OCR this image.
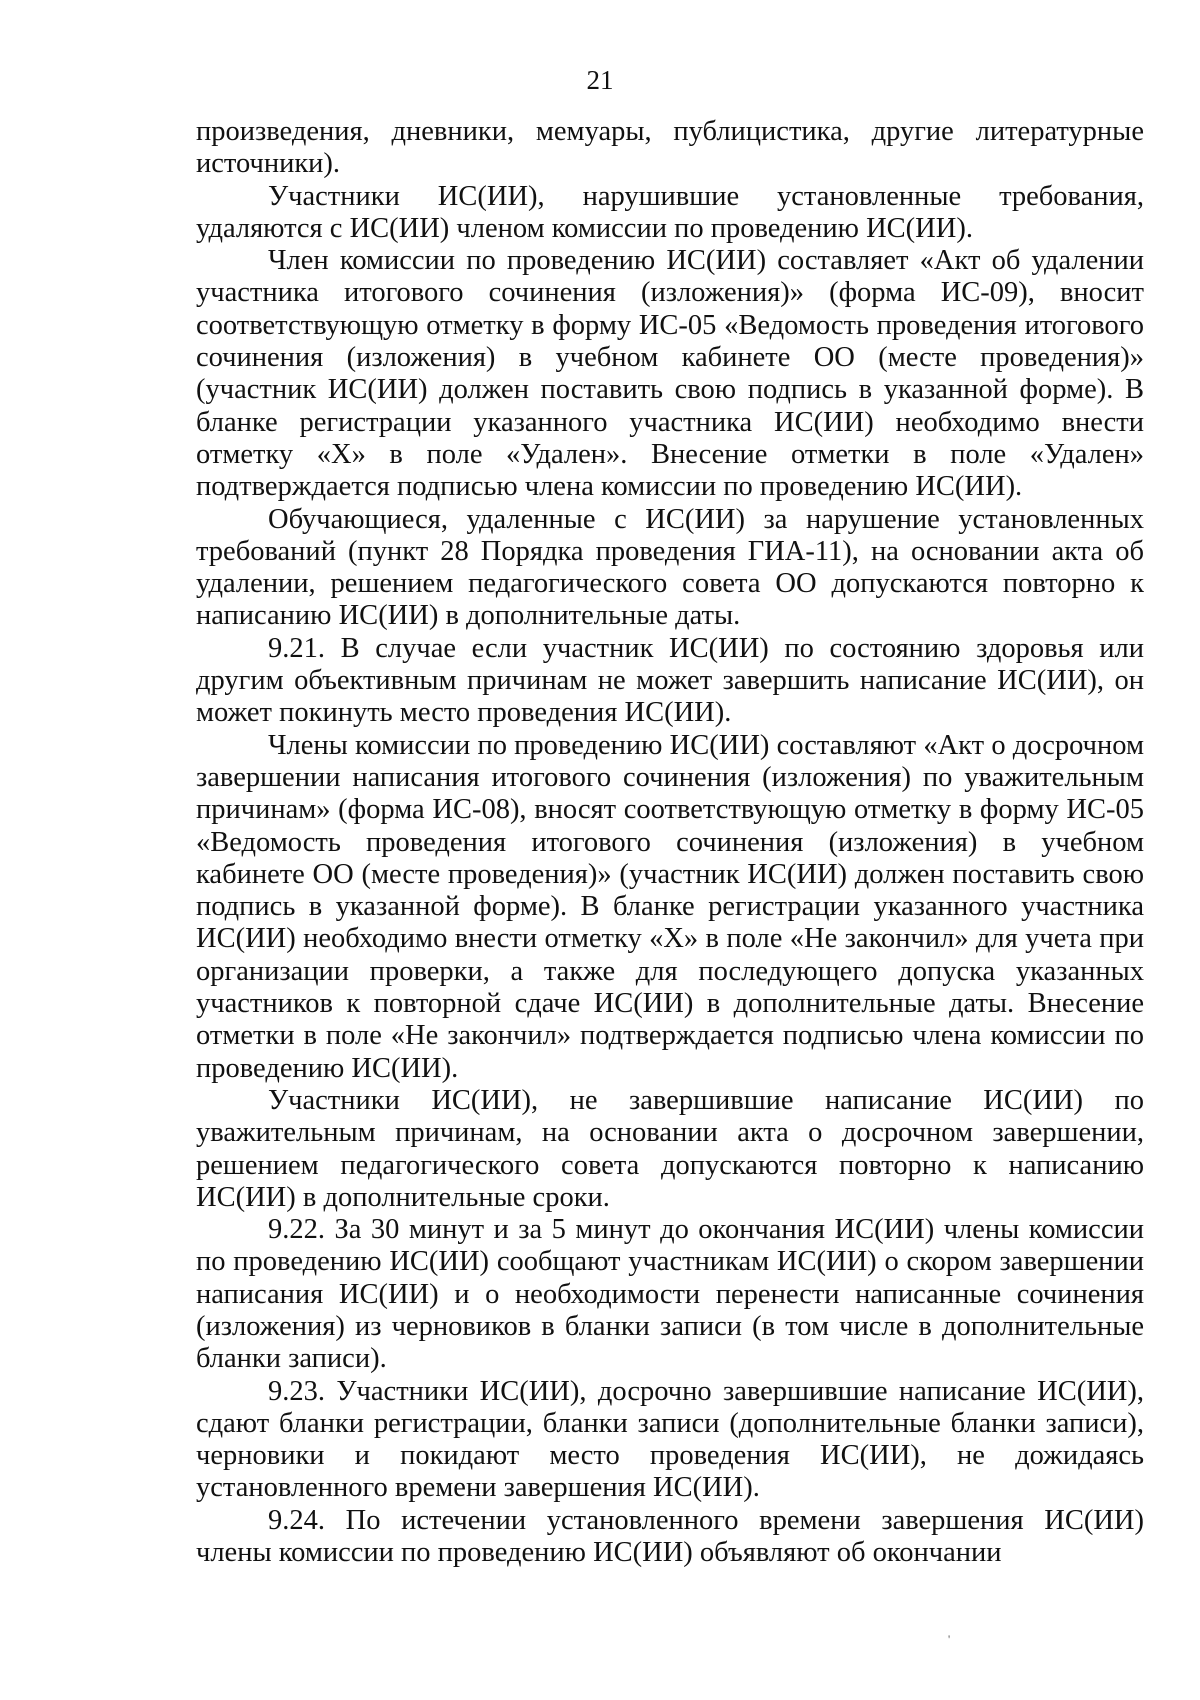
21

произведения, дневники, мемуары, публицистика, другие литературные источники).

Участники ИС(ИИ), нарушившие установленные требования, удаляются с ИС(ИИ) членом комиссии по проведению ИС(ИИ).

Член комиссии по проведению ИС(ИИ) составляет «Акт об удалении участника итогового сочинения (изложения)» (форма ИС-09), вносит соответствующую отметку в форму ИС-05 «Ведомость проведения итогового сочинения (изложения) в учебном кабинете ОО (месте проведения)» (участник ИС(ИИ) должен поставить свою подпись в указанной форме). В бланке регистрации указанного участника ИС(ИИ) необходимо внести отметку «Х» в поле «Удален». Внесение отметки в поле «Удален» подтверждается подписью члена комиссии по проведению ИС(ИИ).

Обучающиеся, удаленные с ИС(ИИ) за нарушение установленных требований (пункт 28 Порядка проведения ГИА-11), на основании акта об удалении, решением педагогического совета ОО допускаются повторно к написанию ИС(ИИ) в дополнительные даты.

9.21. В случае если участник ИС(ИИ) по состоянию здоровья или другим объективным причинам не может завершить написание ИС(ИИ), он может покинуть место проведения ИС(ИИ).

Члены комиссии по проведению ИС(ИИ) составляют «Акт о досрочном завершении написания итогового сочинения (изложения) по уважительным причинам» (форма ИС-08), вносят соответствующую отметку в форму ИС-05 «Ведомость проведения итогового сочинения (изложения) в учебном кабинете ОО (месте проведения)» (участник ИС(ИИ) должен поставить свою подпись в указанной форме). В бланке регистрации указанного участника ИС(ИИ) необходимо внести отметку «Х» в поле «Не закончил» для учета при организации проверки, а также для последующего допуска указанных участников к повторной сдаче ИС(ИИ) в дополнительные даты. Внесение отметки в поле «Не закончил» подтверждается подписью члена комиссии по проведению ИС(ИИ).

Участники ИС(ИИ), не завершившие написание ИС(ИИ) по уважительным причинам, на основании акта о досрочном завершении, решением педагогического совета допускаются повторно к написанию ИС(ИИ) в дополнительные сроки.

9.22. За 30 минут и за 5 минут до окончания ИС(ИИ) члены комиссии по проведению ИС(ИИ) сообщают участникам ИС(ИИ) о скором завершении написания ИС(ИИ) и о необходимости перенести написанные сочинения (изложения) из черновиков в бланки записи (в том числе в дополнительные бланки записи).

9.23. Участники ИС(ИИ), досрочно завершившие написание ИС(ИИ), сдают бланки регистрации, бланки записи (дополнительные бланки записи), черновики и покидают место проведения ИС(ИИ), не дожидаясь установленного времени завершения ИС(ИИ).

9.24. По истечении установленного времени завершения ИС(ИИ) члены комиссии по проведению ИС(ИИ) объявляют об окончании

'
